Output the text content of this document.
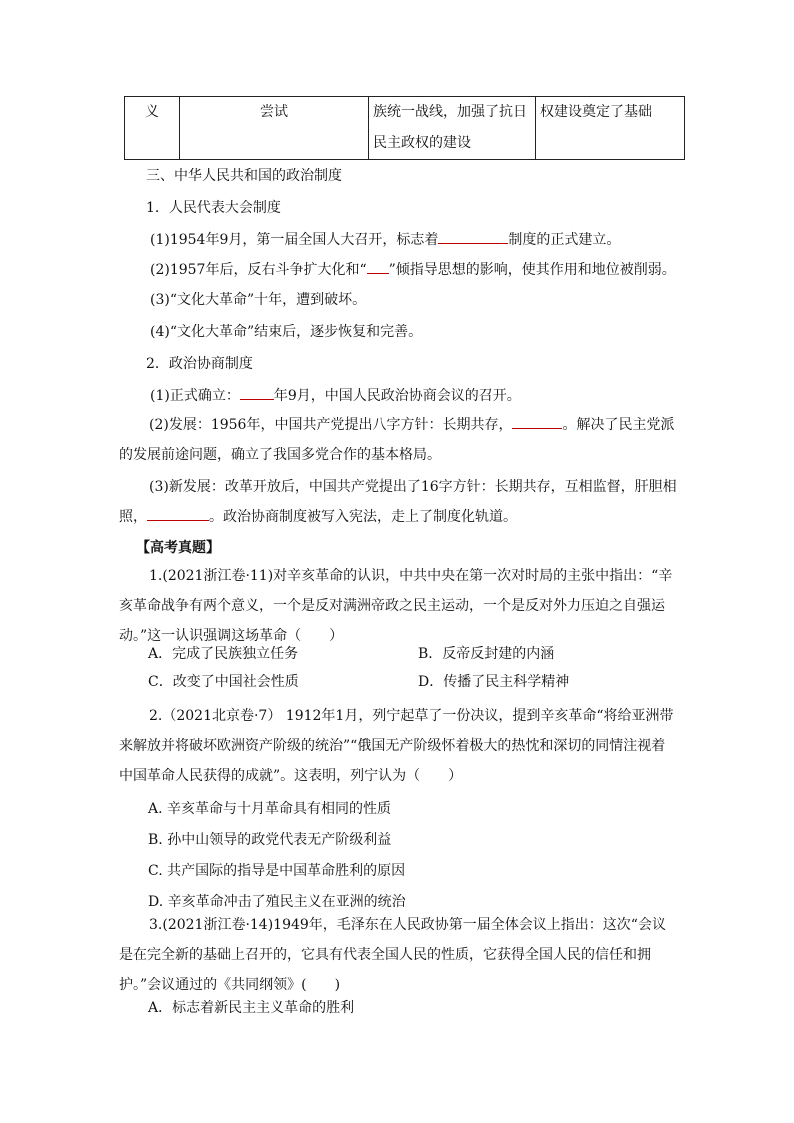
义	尝试	族统一战线，加强了抗日民主政权的建设	权建设奠定了基础
三、中华人民共和国的政治制度
1．人民代表大会制度
(1)1954年9月，第一届全国人大召开，标志着	制度的正式建立。
(2)1957年后，反右斗争扩大化和“ ”倾指导思想的影响，使其作用和地位被削弱。
(3)“文化大革命”十年，遭到破坏。
(4)“文化大革命”结束后，逐步恢复和完善。
2．政治协商制度
(1)正式确立： 年9月，中国人民政治协商会议的召开。
(2)发展：1956年，中国共产党提出八字方针：长期共存，	。解决了民主党派的发展前途问题，确立了我国多党合作的基本格局。
(3)新发展：改革开放后，中国共产党提出了16字方针：长期共存，互相监督，肝胆相照，	。政治协商制度被写入宪法，走上了制度化轨道。
【高考真题】
1.(2021浙江卷·11)对辛亥革命的认识，中共中央在第一次对时局的主张中指出：“辛亥革命战争有两个意义，一个是反对满洲帝政之民主运动，一个是反对外力压迫之自强运动。”这一认识强调这场革命（　　）
A．完成了民族独立任务	B．反帝反封建的内涵
C．改变了中国社会性质	D．传播了民主科学精神
2.（2021北京卷·7） 1912年1月，列宁起草了一份决议，提到辛亥革命“将给亚洲带来解放并将破坏欧洲资产阶级的统治”“俄国无产阶级怀着极大的热忱和深切的同情注视着中国革命人民获得的成就”。这表明，列宁认为（　　）
A. 辛亥革命与十月革命具有相同的性质
B. 孙中山领导的政党代表无产阶级利益
C. 共产国际的指导是中国革命胜利的原因
D. 辛亥革命冲击了殖民主义在亚洲的统治
3.(2021浙江卷·14)1949年，毛泽东在人民政协第一届全体会议上指出：这次“会议是在完全新的基础上召开的，它具有代表全国人民的性质，它获得全国人民的信任和拥护。”会议通过的《共同纲领》(　　)
A．标志着新民主主义革命的胜利
